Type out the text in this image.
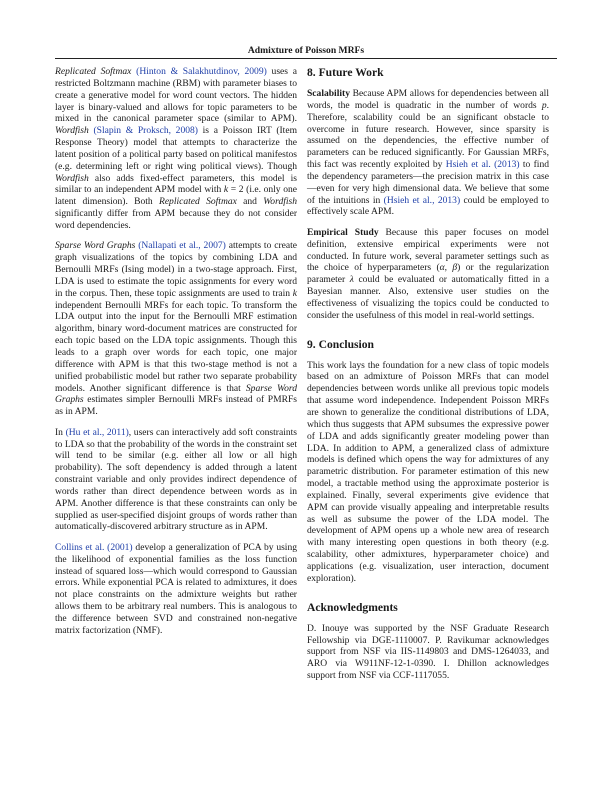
Admixture of Poisson MRFs

Replicated Softmax (Hinton & Salakhutdinov, 2009) uses a restricted Boltzmann machine (RBM) with parameter biases to create a generative model for word count vectors. The hidden layer is binary-valued and allows for topic parameters to be mixed in the canonical parameter space (similar to APM). Wordfish (Slapin & Proksch, 2008) is a Poisson IRT (Item Response Theory) model that attempts to characterize the latent position of a political party based on political manifestos (e.g. determining left or right wing political views). Though Wordfish also adds fixed-effect parameters, this model is similar to an independent APM model with k = 2 (i.e. only one latent dimension). Both Replicated Softmax and Wordfish significantly differ from APM because they do not consider word dependencies.

Sparse Word Graphs (Nallapati et al., 2007) attempts to create graph visualizations of the topics by combining LDA and Bernoulli MRFs (Ising model) in a two-stage approach. First, LDA is used to estimate the topic assignments for every word in the corpus. Then, these topic assignments are used to train k independent Bernoulli MRFs for each topic. To transform the LDA output into the input for the Bernoulli MRF estimation algorithm, binary word-document matrices are constructed for each topic based on the LDA topic assignments. Though this leads to a graph over words for each topic, one major difference with APM is that this two-stage method is not a unified probabilistic model but rather two separate probability models. Another significant difference is that Sparse Word Graphs estimates simpler Bernoulli MRFs instead of PMRFs as in APM.

In (Hu et al., 2011), users can interactively add soft constraints to LDA so that the probability of the words in the constraint set will tend to be similar (e.g. either all low or all high probability). The soft dependency is added through a latent constraint variable and only provides indirect dependence of words rather than direct dependence between words as in APM. Another difference is that these constraints can only be supplied as user-specified disjoint groups of words rather than automatically-discovered arbitrary structure as in APM.

Collins et al. (2001) develop a generalization of PCA by using the likelihood of exponential families as the loss function instead of squared loss—which would correspond to Gaussian errors. While exponential PCA is related to admixtures, it does not place constraints on the admixture weights but rather allows them to be arbitrary real numbers. This is analogous to the difference between SVD and constrained non-negative matrix factorization (NMF).

8. Future Work

Scalability Because APM allows for dependencies between all words, the model is quadratic in the number of words p. Therefore, scalability could be an significant obstacle to overcome in future research. However, since sparsity is assumed on the dependencies, the effective number of parameters can be reduced significantly. For Gaussian MRFs, this fact was recently exploited by Hsieh et al. (2013) to find the dependency parameters—the precision matrix in this case—even for very high dimensional data. We believe that some of the intuitions in (Hsieh et al., 2013) could be employed to effectively scale APM.

Empirical Study Because this paper focuses on model definition, extensive empirical experiments were not conducted. In future work, several parameter settings such as the choice of hyperparameters (α, β) or the regularization parameter λ could be evaluated or automatically fitted in a Bayesian manner. Also, extensive user studies on the effectiveness of visualizing the topics could be conducted to consider the usefulness of this model in real-world settings.

9. Conclusion

This work lays the foundation for a new class of topic models based on an admixture of Poisson MRFs that can model dependencies between words unlike all previous topic models that assume word independence. Independent Poisson MRFs are shown to generalize the conditional distributions of LDA, which thus suggests that APM subsumes the expressive power of LDA and adds significantly greater modeling power than LDA. In addition to APM, a generalized class of admixture models is defined which opens the way for admixtures of any parametric distribution. For parameter estimation of this new model, a tractable method using the approximate posterior is explained. Finally, several experiments give evidence that APM can provide visually appealing and interpretable results as well as subsume the power of the LDA model. The development of APM opens up a whole new area of research with many interesting open questions in both theory (e.g. scalability, other admixtures, hyperparameter choice) and applications (e.g. visualization, user interaction, document exploration).

Acknowledgments

D. Inouye was supported by the NSF Graduate Research Fellowship via DGE-1110007. P. Ravikumar acknowledges support from NSF via IIS-1149803 and DMS-1264033, and ARO via W911NF-12-1-0390. I. Dhillon acknowledges support from NSF via CCF-1117055.
